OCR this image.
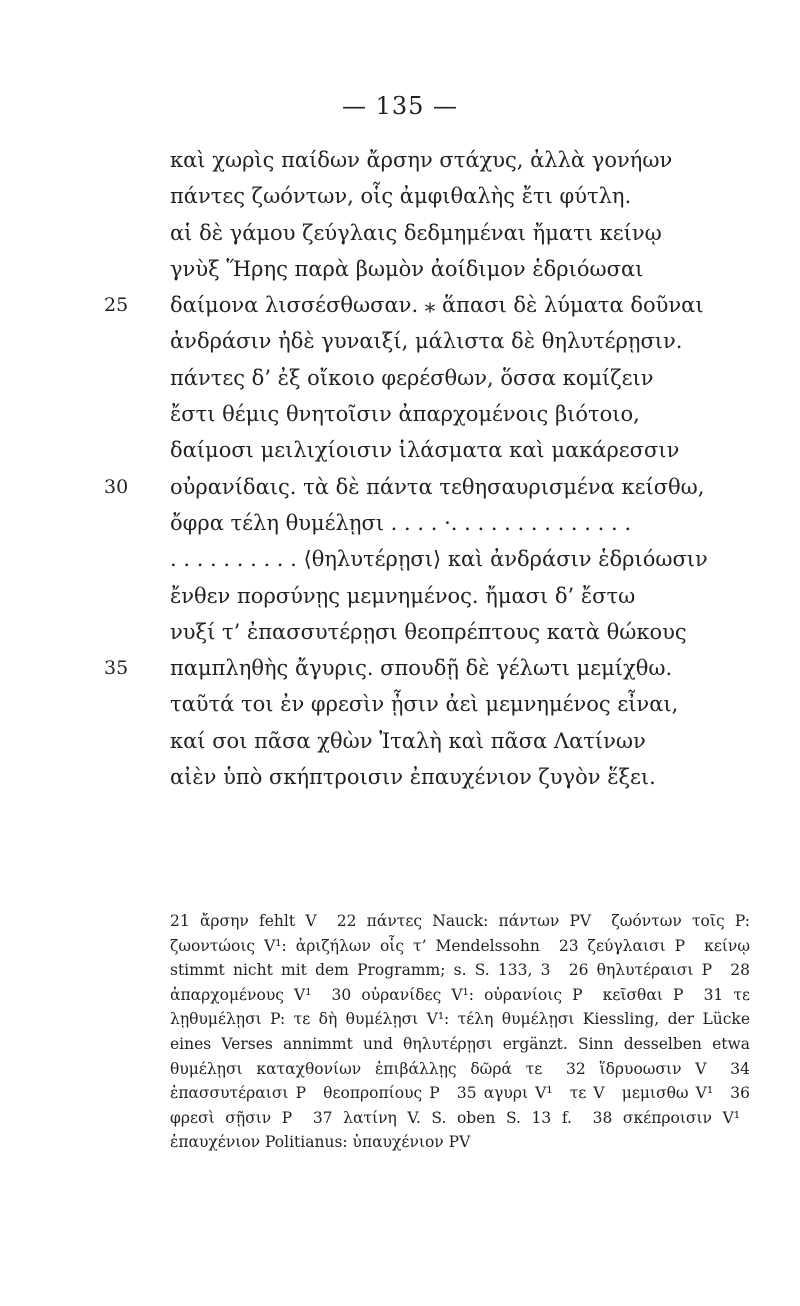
— 135 —
καὶ χωρὶς παίδων ἄρσην στάχυς, ἀλλὰ γονήων
πάντες ζωόντων, οἷς ἀμφιθαλὴς ἔτι φύτλη.
αἱ δὲ γάμου ζεύγλαις δεδμημέναι ἤματι κείνῳ
γνὺξ Ἥρης παρὰ βωμὸν ἀοίδιμον ἑδριόωσαι
25	δαίμονα λισσέσθωσαν. ⁎ ἅπασι δὲ λύματα δοῦναι
ἀνδράσιν ἠδὲ γυναιξί, μάλιστα δὲ θηλυτέρῃσιν.
πάντες δ’ ἐξ οἴκοιο φερέσθων, ὅσσα κομίζειν
ἔστι θέμις θνητοῖσιν ἀπαρχομένοις βιότοιο,
δαίμοσι μειλιχίοισιν ἱλάσματα καὶ μακάρεσσιν
30	οὐρανίδαις. τὰ δὲ πάντα τεθησαυρισμένα κείσθω,
ὄφρα τέλη θυμέλῃσι . . . . ·. . . . . . . . . . . . . .
. . . . . . . . . . ⟨θηλυτέρῃσι⟩ καὶ ἀνδράσιν ἑδριόωσιν
ἔνθεν πορσύνῃς μεμνημένος. ἤμασι δ’ ἔστω
νυξί τ’ ἐπασσυτέρῃσι θεοπρέπτους κατὰ θώκους
35	παμπληθὴς ἄγυρις. σπουδῇ δὲ γέλωτι μεμίχθω.
ταῦτά τοι ἐν φρεσὶν ᾖσιν ἀεὶ μεμνημένος εἶναι,
καί σοι πᾶσα χθὼν Ἰταλὴ καὶ πᾶσα Λατίνων
αἰὲν ὑπὸ σκήπτροισιν ἐπαυχένιον ζυγὸν ἕξει.
21 ἄρσην fehlt V 22 πάντες Nauck: πάντων PV ζωόντων τοῖς P: ζωοντώοις V¹: ἀριζήλων οἷς τ’ Mendelssohn 23 ζεύγλαισι P κείνῳ stimmt nicht mit dem Programm; s. S. 133, 3 26 θηλυτέραισι P 28 ἀπαρχομένους V¹ 30 οὐρανίδες V¹: οὐρανίοις P κεῖσθαι P 31 τε λῃθυμέλῃσι P: τε δὴ θυμέλῃσι V¹: τέλη θυμέλῃσι Kiessling, der Lücke eines Verses annimmt und θηλυτέρῃσι ergänzt. Sinn desselben etwa θυμέλῃσι καταχθονίων ἐπιβάλλῃς δῶρά τε 32 ἵδρυοωσιν V 34 ἐπασσυτέραισι P θεοπροπίους P 35 αγυρι V¹ τε V μεμισθω V¹ 36 φρεσὶ σῇσιν P 37 λατίνη V. S. oben S. 13 f. 38 σκέπροισιν V¹ ἐπαυχένιον Politianus: ὑπαυχένιον PV
